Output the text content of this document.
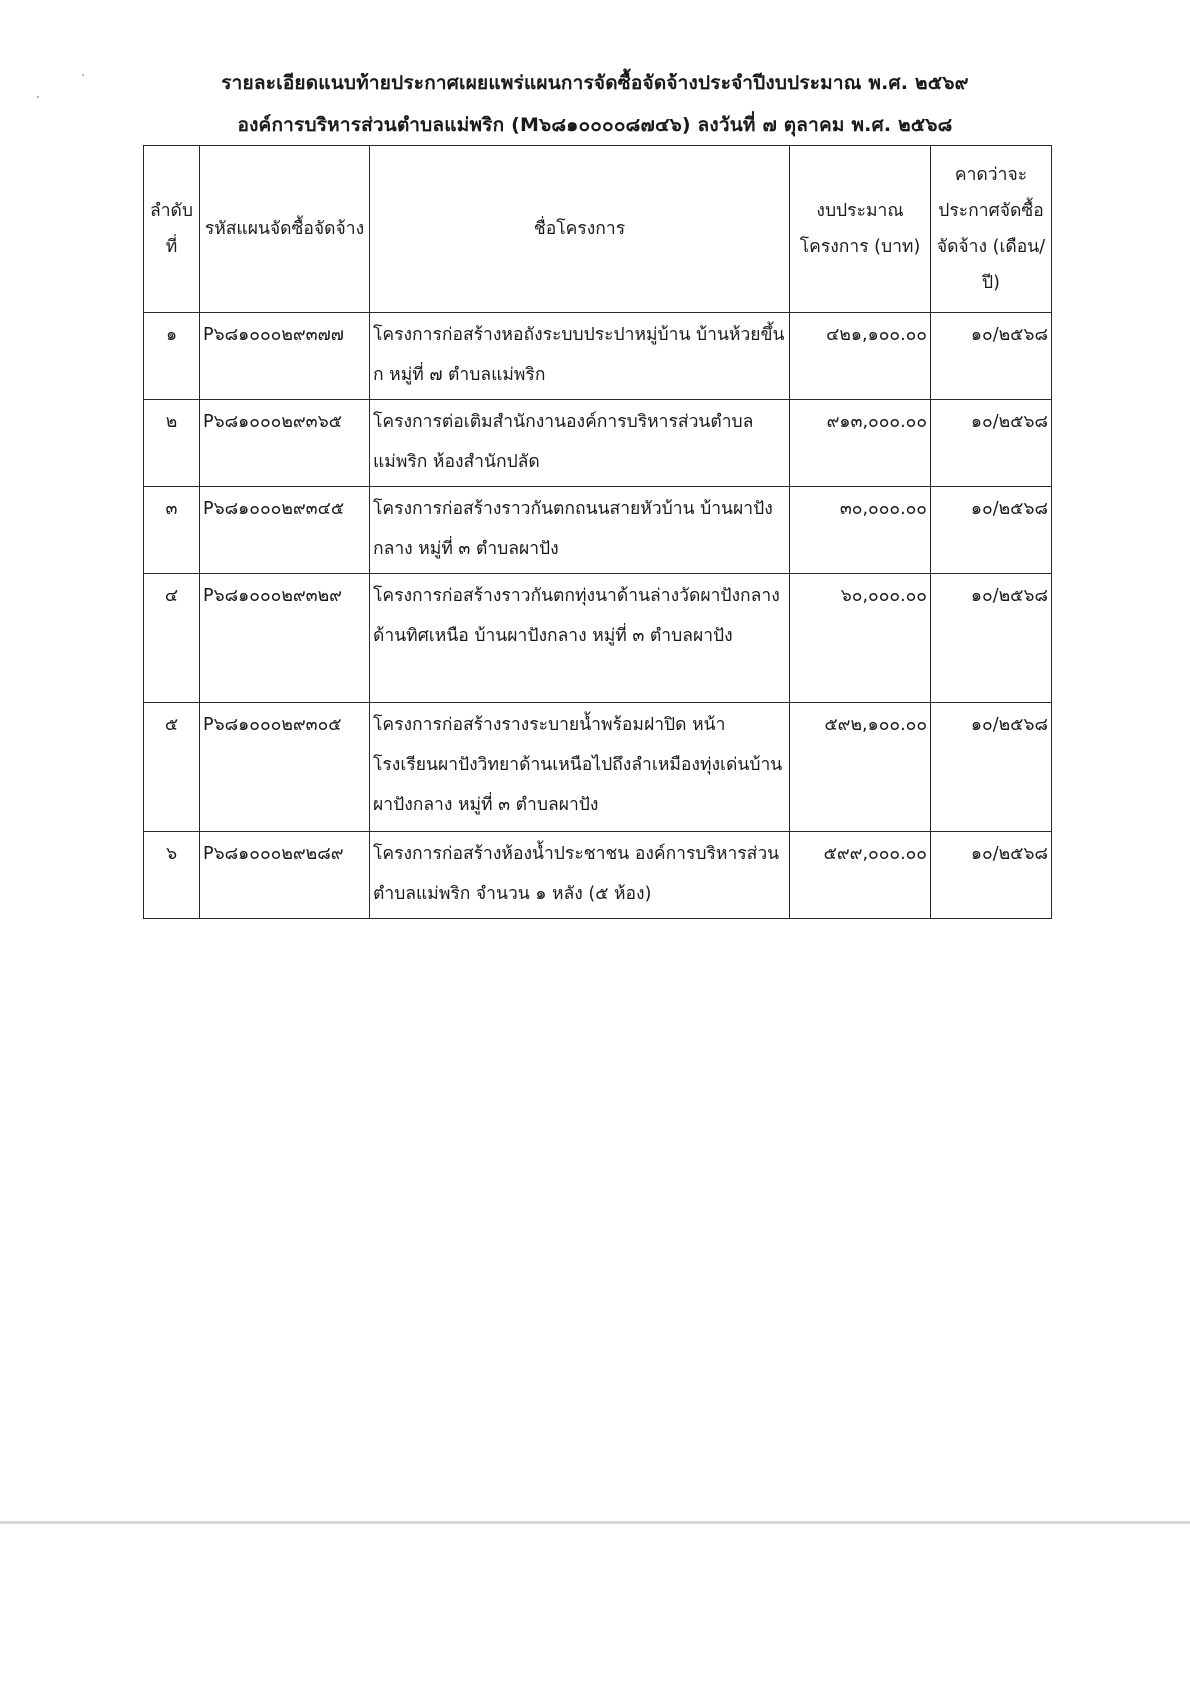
รายละเอียดแนบท้ายประกาศเผยแพร่แผนการจัดซื้อจัดจ้างประจำปีงบประมาณ พ.ศ. ๒๕๖๙
องค์การบริหารส่วนตำบลแม่พริก (M๖๘๑๐๐๐๐๘๗๔๖) ลงวันที่ ๗ ตุลาคม พ.ศ. ๒๕๖๘
ลำดับที่	รหัสแผนจัดซื้อจัดจ้าง	ชื่อโครงการ	งบประมาณโครงการ (บาท)	คาดว่าจะประกาศจัดซื้อจัดจ้าง (เดือน/ปี)
๑	P๖๘๑๐๐๐๒๙๓๗๗	โครงการก่อสร้างหอถังระบบประปาหมู่บ้าน บ้านห้วยขึ้นก หมู่ที่ ๗ ตำบลแม่พริก	๔๒๑,๑๐๐.๐๐	๑๐/๒๕๖๘
๒	P๖๘๑๐๐๐๒๙๓๖๕	โครงการต่อเติมสำนักงานองค์การบริหารส่วนตำบลแม่พริก ห้องสำนักปลัด	๙๑๓,๐๐๐.๐๐	๑๐/๒๕๖๘
๓	P๖๘๑๐๐๐๒๙๓๔๕	โครงการก่อสร้างราวกันตกถนนสายหัวบ้าน บ้านผาปังกลาง หมู่ที่ ๓ ตำบลผาปัง	๓๐,๐๐๐.๐๐	๑๐/๒๕๖๘
๔	P๖๘๑๐๐๐๒๙๓๒๙	โครงการก่อสร้างราวกันตกทุ่งนาด้านล่างวัดผาปังกลางด้านทิศเหนือ บ้านผาปังกลาง หมู่ที่ ๓ ตำบลผาปัง	๖๐,๐๐๐.๐๐	๑๐/๒๕๖๘
๕	P๖๘๑๐๐๐๒๙๓๐๕	โครงการก่อสร้างรางระบายน้ำพร้อมฝาปิด หน้าโรงเรียนผาปังวิทยาด้านเหนือไปถึงลำเหมืองทุ่งเด่นบ้านผาปังกลาง หมู่ที่ ๓ ตำบลผาปัง	๕๙๒,๑๐๐.๐๐	๑๐/๒๕๖๘
๖	P๖๘๑๐๐๐๒๙๒๘๙	โครงการก่อสร้างห้องน้ำประชาชน องค์การบริหารส่วนตำบลแม่พริก จำนวน ๑ หลัง (๕ ห้อง)	๕๙๙,๐๐๐.๐๐	๑๐/๒๕๖๘
